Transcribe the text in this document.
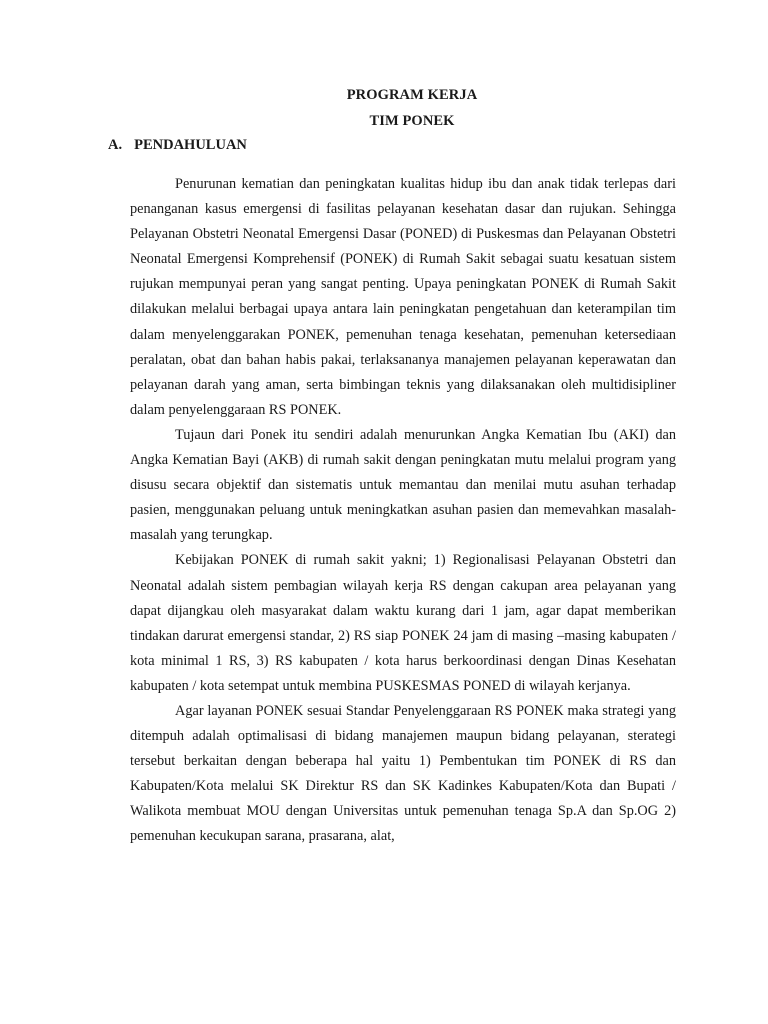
PROGRAM KERJA
TIM PONEK
A. PENDAHULUAN

Penurunan kematian dan peningkatan kualitas hidup ibu dan anak tidak terlepas dari penanganan kasus emergensi di fasilitas pelayanan kesehatan dasar dan rujukan. Sehingga Pelayanan Obstetri Neonatal Emergensi Dasar (PONED) di Puskesmas dan Pelayanan Obstetri Neonatal Emergensi Komprehensif (PONEK) di Rumah Sakit sebagai suatu kesatuan sistem rujukan mempunyai peran yang sangat penting. Upaya peningkatan PONEK di Rumah Sakit dilakukan melalui berbagai upaya antara lain peningkatan pengetahuan dan keterampilan tim dalam menyelenggarakan PONEK, pemenuhan tenaga kesehatan, pemenuhan ketersediaan peralatan, obat dan bahan habis pakai, terlaksananya manajemen pelayanan keperawatan dan pelayanan darah yang aman, serta bimbingan teknis yang dilaksanakan oleh multidisipliner dalam penyelenggaraan RS PONEK.

Tujaun dari Ponek itu sendiri adalah menurunkan Angka Kematian Ibu (AKI) dan Angka Kematian Bayi (AKB) di rumah sakit dengan peningkatan mutu melalui program yang disusu secara objektif dan sistematis untuk memantau dan menilai mutu asuhan terhadap pasien, menggunakan peluang untuk meningkatkan asuhan pasien dan memevahkan masalah-masalah yang terungkap.

Kebijakan PONEK di rumah sakit yakni; 1) Regionalisasi Pelayanan Obstetri dan Neonatal adalah sistem pembagian wilayah kerja RS dengan cakupan area pelayanan yang dapat dijangkau oleh masyarakat dalam waktu kurang dari 1 jam, agar dapat memberikan tindakan darurat emergensi standar, 2) RS siap PONEK 24 jam di masing –masing kabupaten / kota minimal 1 RS, 3) RS kabupaten / kota harus berkoordinasi dengan Dinas Kesehatan kabupaten / kota setempat untuk membina PUSKESMAS PONED di wilayah kerjanya.

Agar layanan PONEK sesuai Standar Penyelenggaraan RS PONEK maka strategi yang ditempuh adalah optimalisasi di bidang manajemen maupun bidang pelayanan, sterategi tersebut berkaitan dengan beberapa hal yaitu 1) Pembentukan tim PONEK di RS dan Kabupaten/Kota melalui SK Direktur RS dan SK Kadinkes Kabupaten/Kota dan Bupati / Walikota membuat MOU dengan Universitas untuk pemenuhan tenaga Sp.A dan Sp.OG 2) pemenuhan kecukupan sarana, prasarana, alat,
